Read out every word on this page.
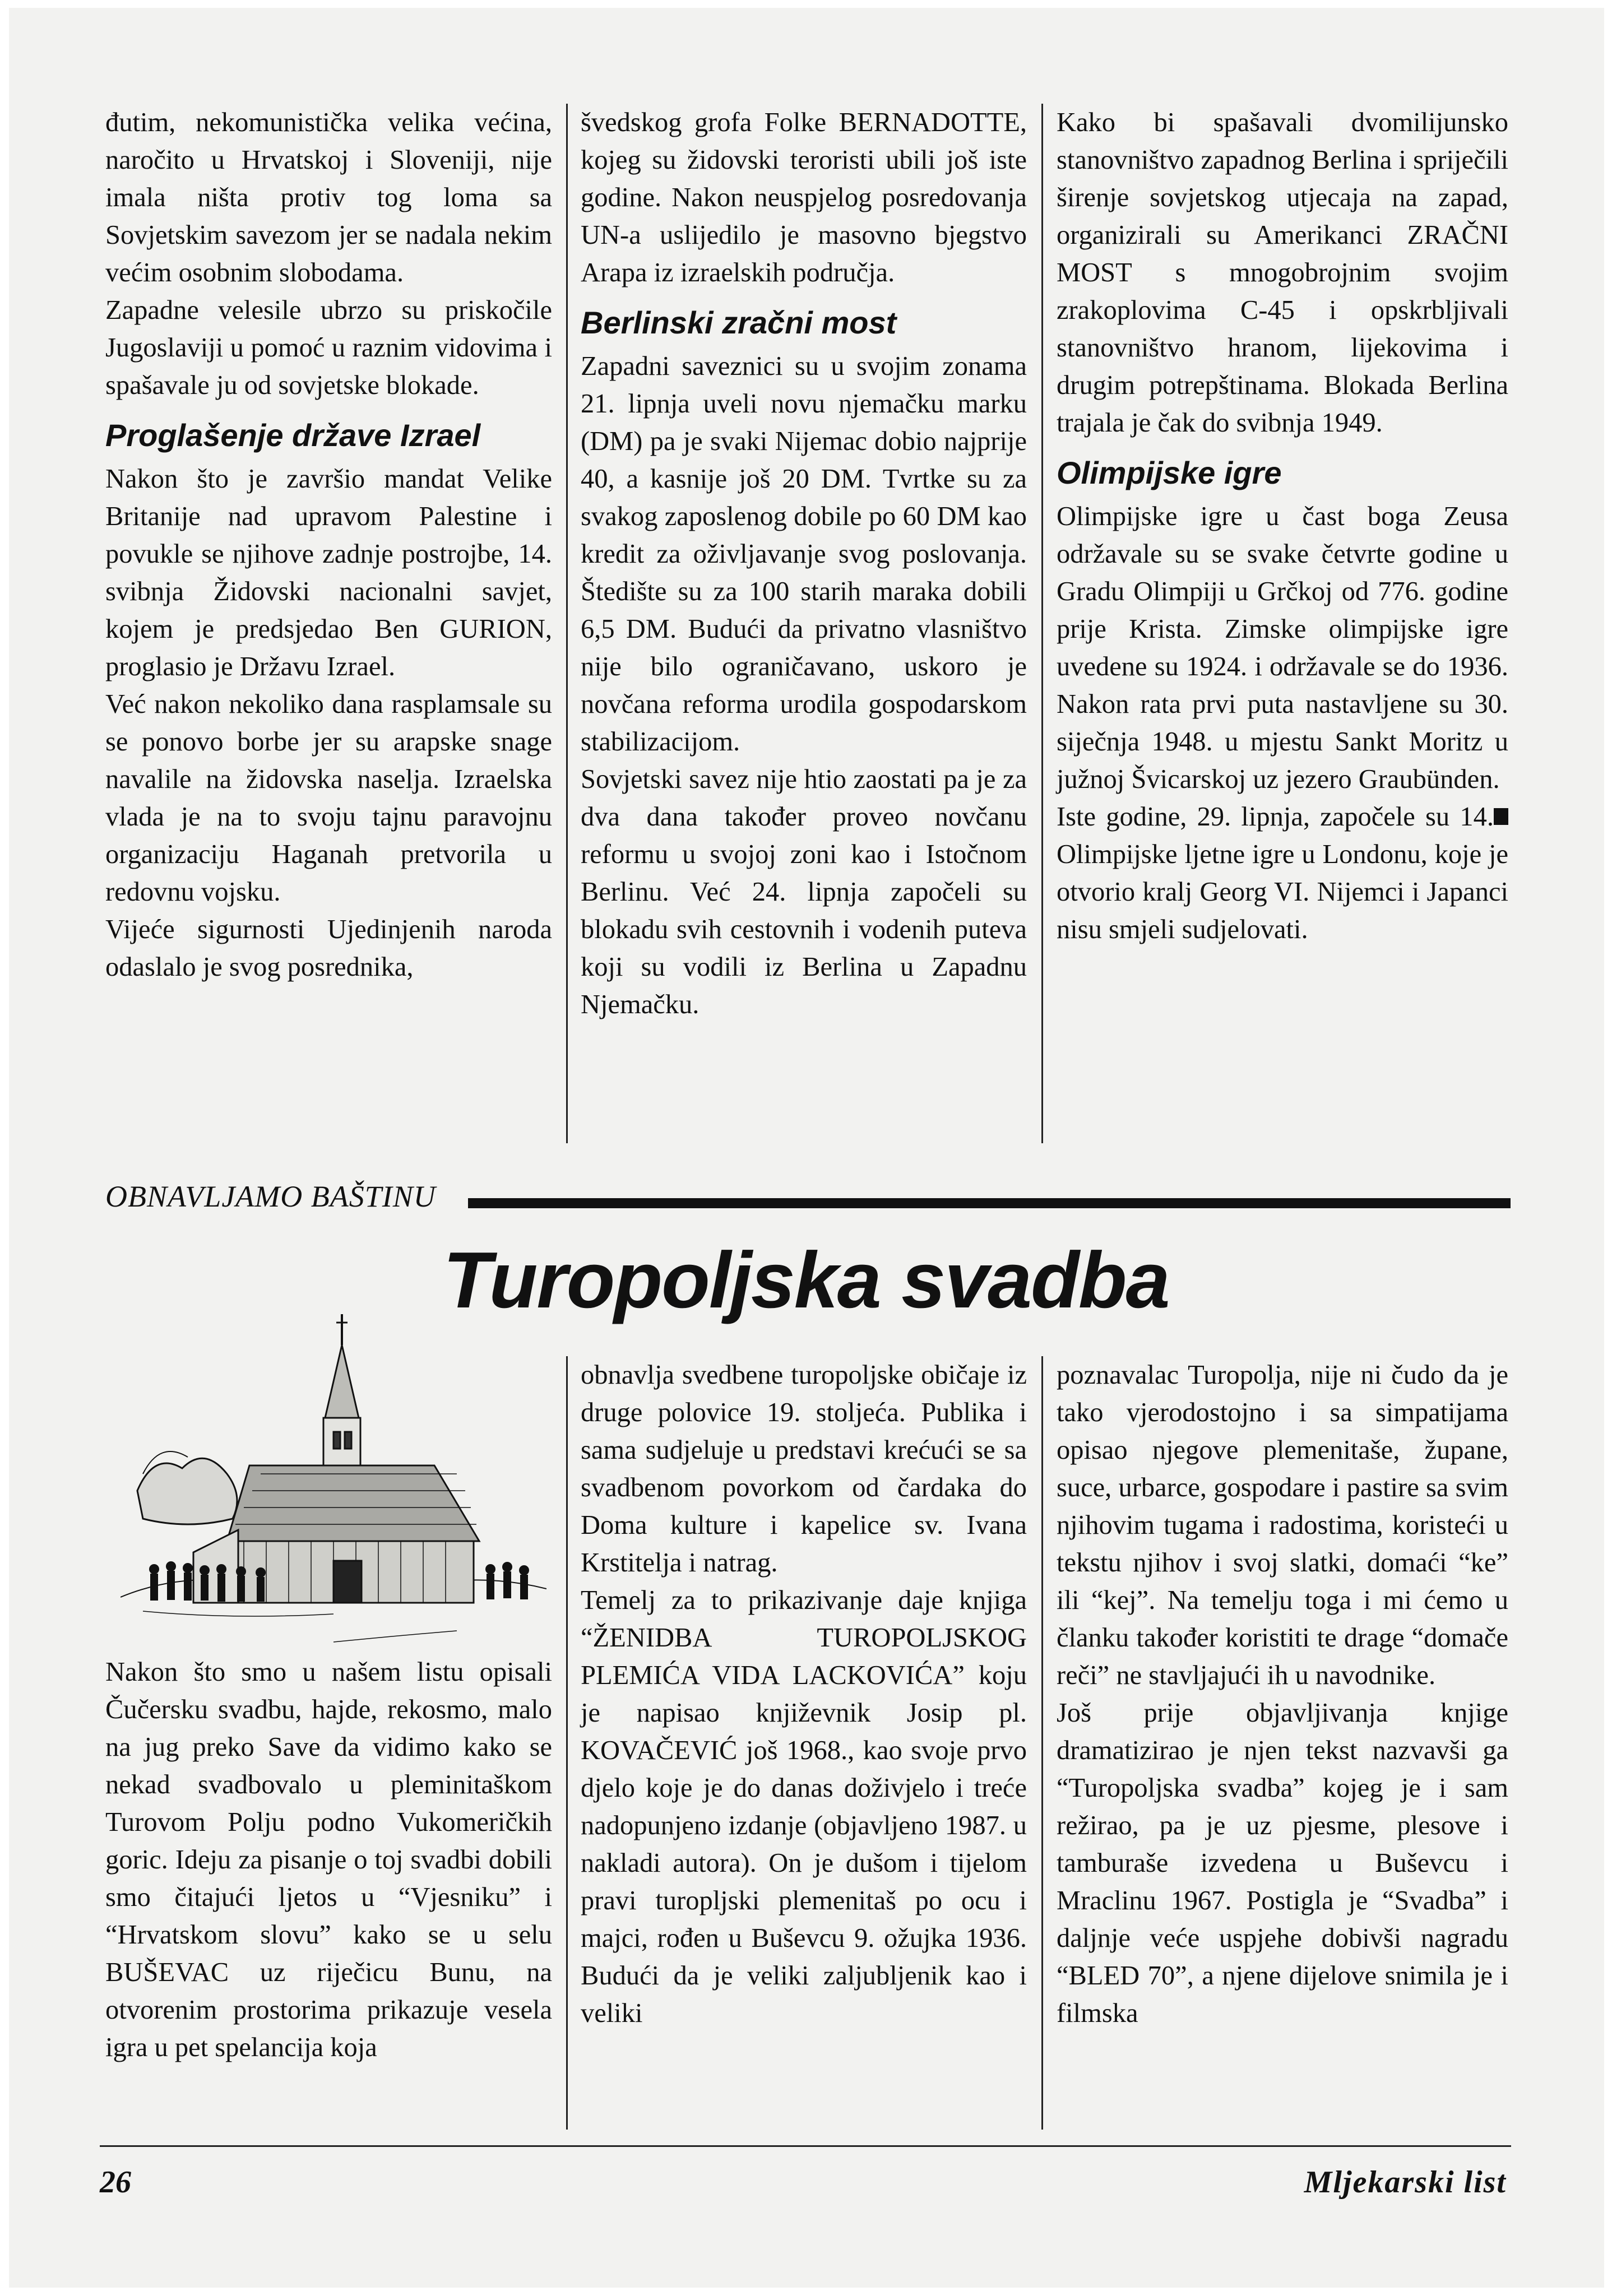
đutim, nekomunistička velika većina, naročito u Hrvatskoj i Sloveniji, nije imala ništa protiv tog loma sa Sovjetskim savezom jer se nadala nekim većim osobnim slobodama.

Zapadne velesile ubrzo su priskočile Jugoslaviji u pomoć u raznim vidovima i spašavale ju od sovjetske blokade.

Proglašenje države Izrael

Nakon što je završio mandat Velike Britanije nad upravom Palestine i povukle se njihove zadnje postrojbe, 14. svibnja Židovski nacionalni savjet, kojem je predsjedao Ben GURION, proglasio je Državu Izrael.

Već nakon nekoliko dana rasplamsale su se ponovo borbe jer su arapske snage navalile na židovska naselja. Izraelska vlada je na to svoju tajnu paravojnu organizaciju Haganah pretvorila u redovnu vojsku.

Vijeće sigurnosti Ujedinjenih naroda odaslalo je svog posrednika,

švedskog grofa Folke BERNADOTTE, kojeg su židovski teroristi ubili još iste godine. Nakon neuspjelog posredovanja UN-a uslijedilo je masovno bjegstvo Arapa iz izraelskih područja.

Berlinski zračni most

Zapadni saveznici su u svojim zonama 21. lipnja uveli novu njemačku marku (DM) pa je svaki Nijemac dobio najprije 40, a kasnije još 20 DM. Tvrtke su za svakog zaposlenog dobile po 60 DM kao kredit za oživljavanje svog poslovanja. Štedište su za 100 starih maraka dobili 6,5 DM. Budući da privatno vlasništvo nije bilo ograničavano, uskoro je novčana reforma urodila gospodarskom stabilizacijom.

Sovjetski savez nije htio zaostati pa je za dva dana također proveo novčanu reformu u svojoj zoni kao i Istočnom Berlinu. Već 24. lipnja započeli su blokadu svih cestovnih i vodenih puteva koji su vodili iz Berlina u Zapadnu Njemačku.

Kako bi spašavali dvomilijunsko stanovništvo zapadnog Berlina i spriječili širenje sovjetskog utjecaja na zapad, organizirali su Amerikanci ZRAČNI MOST s mnogobrojnim svojim zrakoplovima C-45 i opskrbljivali stanovništvo hranom, lijekovima i drugim potrepštinama. Blokada Berlina trajala je čak do svibnja 1949.

Olimpijske igre

Olimpijske igre u čast boga Zeusa održavale su se svake četvrte godine u Gradu Olimpiji u Grčkoj od 776. godine prije Krista. Zimske olimpijske igre uvedene su 1924. i održavale se do 1936. Nakon rata prvi puta nastavljene su 30. siječnja 1948. u mjestu Sankt Moritz u južnoj Švicarskoj uz jezero Graubünden.

Iste godine, 29. lipnja, započele su 14. Olimpijske ljetne igre u Londonu, koje je otvorio kralj Georg VI. Nijemci i Japanci nisu smjeli sudjelovati.

OBNAVLJAMO BAŠTINU
Turopoljska svadba

Nakon što smo u našem listu opisali Čučersku svadbu, hajde, rekosmo, malo na jug preko Save da vidimo kako se nekad svadbovalo u pleminitaškom Turovom Polju podno Vukomeričkih goric. Ideju za pisanje o toj svadbi dobili smo čitajući ljetos u “Vjesniku” i “Hrvatskom slovu” kako se u selu BUŠEVAC uz riječicu Bunu, na otvorenim prostorima prikazuje vesela igra u pet spelancija koja

obnavlja svedbene turopoljske običaje iz druge polovice 19. stoljeća. Publika i sama sudjeluje u predstavi krećući se sa svadbenom povorkom od čardaka do Doma kulture i kapelice sv. Ivana Krstitelja i natrag.

Temelj za to prikazivanje daje knjiga “ŽENIDBA TUROPOLJSKOG PLEMIĆA VIDA LACKOVIĆA” koju je napisao književnik Josip pl. KOVAČEVIĆ još 1968., kao svoje prvo djelo koje je do danas doživjelo i treće nadopunjeno izdanje (objavljeno 1987. u nakladi autora). On je dušom i tijelom pravi turopljski plemenitaš po ocu i majci, rođen u Buševcu 9. ožujka 1936. Budući da je veliki zaljubljenik kao i veliki

poznavalac Turopolja, nije ni čudo da je tako vjerodostojno i sa simpatijama opisao njegove plemenitaše, župane, suce, urbarce, gospodare i pastire sa svim njihovim tugama i radostima, koristeći u tekstu njihov i svoj slatki, domaći “ke” ili “kej”. Na temelju toga i mi ćemo u članku također koristiti te drage “domače reči” ne stavljajući ih u navodnike.

Još prije objavljivanja knjige dramatizirao je njen tekst nazvavši ga “Turopoljska svadba” kojeg je i sam režirao, pa je uz pjesme, plesove i tamburaše izvedena u Buševcu i Mraclinu 1967. Postigla je “Svadba” i daljnje veće uspjehe dobivši nagradu “BLED 70”, a njene dijelove snimila je i filmska

26	Mljekarski list
